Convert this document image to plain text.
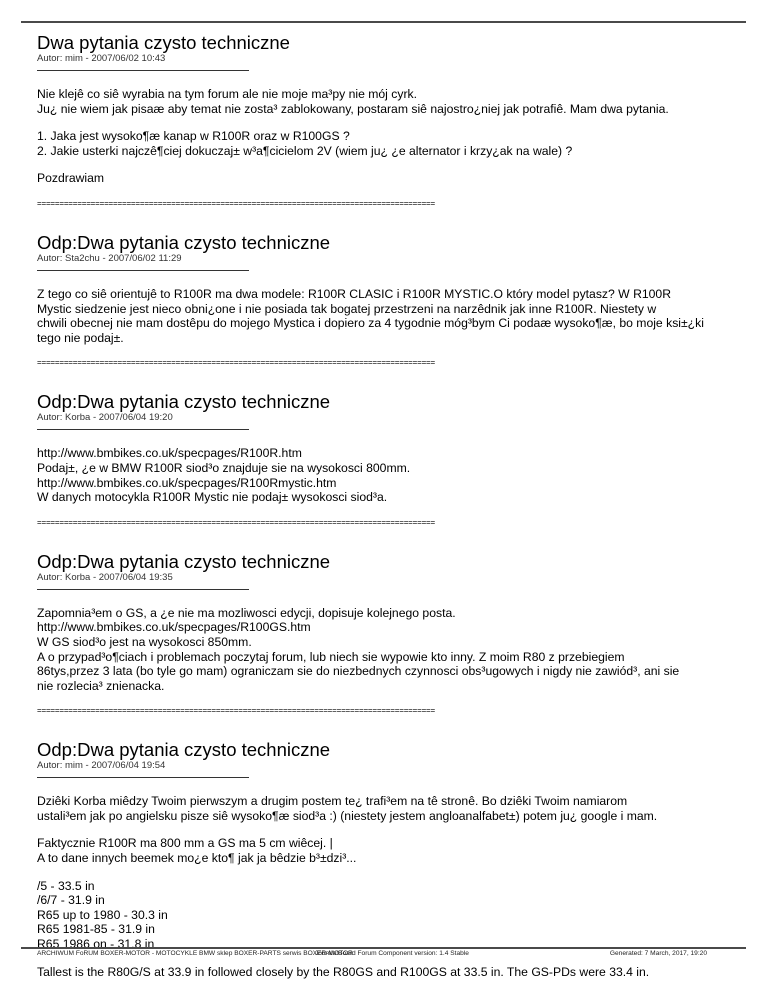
Dwa pytania czysto techniczne
Autor: mim - 2007/06/02 10:43

Nie klejê co siê wyrabia na tym forum ale nie moje ma³py nie mój cyrk.
Ju¿ nie wiem jak pisaæ aby temat nie zosta³ zablokowany, postaram siê najostro¿niej jak potrafiê. Mam dwa pytania.

1. Jaka jest wysoko¶æ kanap w R100R oraz w R100GS ?
2. Jakie usterki najczê¶ciej dokuczaj± w³a¶cicielom 2V (wiem ju¿ ¿e alternator i krzy¿ak na wale) ?

Pozdrawiam

=========================================================================================
Odp:Dwa pytania czysto techniczne
Autor: Sta2chu - 2007/06/02 11:29

Z tego co siê orientujê to R100R ma dwa modele: R100R CLASIC i R100R MYSTIC.O który model pytasz? W R100R
Mystic siedzenie jest nieco obni¿one i nie posiada tak bogatej przestrzeni na narzêdnik jak inne R100R. Niestety w
chwili obecnej nie mam dostêpu do mojego Mystica i dopiero za 4 tygodnie móg³bym Ci podaæ wysoko¶æ, bo moje ksi±¿ki
tego nie podaj±.

=========================================================================================
Odp:Dwa pytania czysto techniczne
Autor: Korba - 2007/06/04 19:20

http://www.bmbikes.co.uk/specpages/R100R.htm
Podaj±, ¿e w BMW R100R siod³o znajduje sie na wysokosci 800mm.
http://www.bmbikes.co.uk/specpages/R100Rmystic.htm
W danych motocykla R100R Mystic nie podaj± wysokosci siod³a.

=========================================================================================
Odp:Dwa pytania czysto techniczne
Autor: Korba - 2007/06/04 19:35

Zapomnia³em o GS, a ¿e nie ma mozliwosci edycji, dopisuje kolejnego posta.
http://www.bmbikes.co.uk/specpages/R100GS.htm
W GS siod³o jest na wysokosci 850mm.
A o przypad³o¶ciach i problemach poczytaj forum, lub niech sie wypowie kto inny. Z moim R80 z przebiegiem
86tys,przez 3 lata (bo tyle go mam) ograniczam sie do niezbednych czynnosci obs³ugowych i nigdy nie zawiód³, ani sie
nie rozlecia³ znienacka.

=========================================================================================
Odp:Dwa pytania czysto techniczne
Autor: mim - 2007/06/04 19:54

Dziêki Korba miêdzy Twoim pierwszym a drugim postem te¿ trafi³em na tê stronê. Bo dziêki Twoim namiarom
ustali³em jak po angielsku pisze siê wysoko¶æ siod³a :) (niestety jestem angloanalfabet±) potem ju¿ google i mam.

Faktycznie R100R ma 800 mm a GS ma 5 cm wiêcej. |
A to dane innych beemek mo¿e kto¶ jak ja bêdzie b³±dzi³...

/5 - 33.5 in
/6/7 - 31.9 in
R65 up to 1980 - 30.3 in
R65 1981-85 - 31.9 in
R65 1986 on - 31.8 in

Tallest is the R80G/S at 33.9 in followed closely by the R80GS and R100GS at 33.5 in. The GS-PDs were 33.4 in.

ARCHIWUM FoRUM BOXER-MOTOR - MOTOCYKLE BMW sklep BOXER-PARTS serwis BOXER-MOTOR
Joomla!Board Forum Component version: 1.4 Stable	Generated: 7 March, 2017, 19:20
